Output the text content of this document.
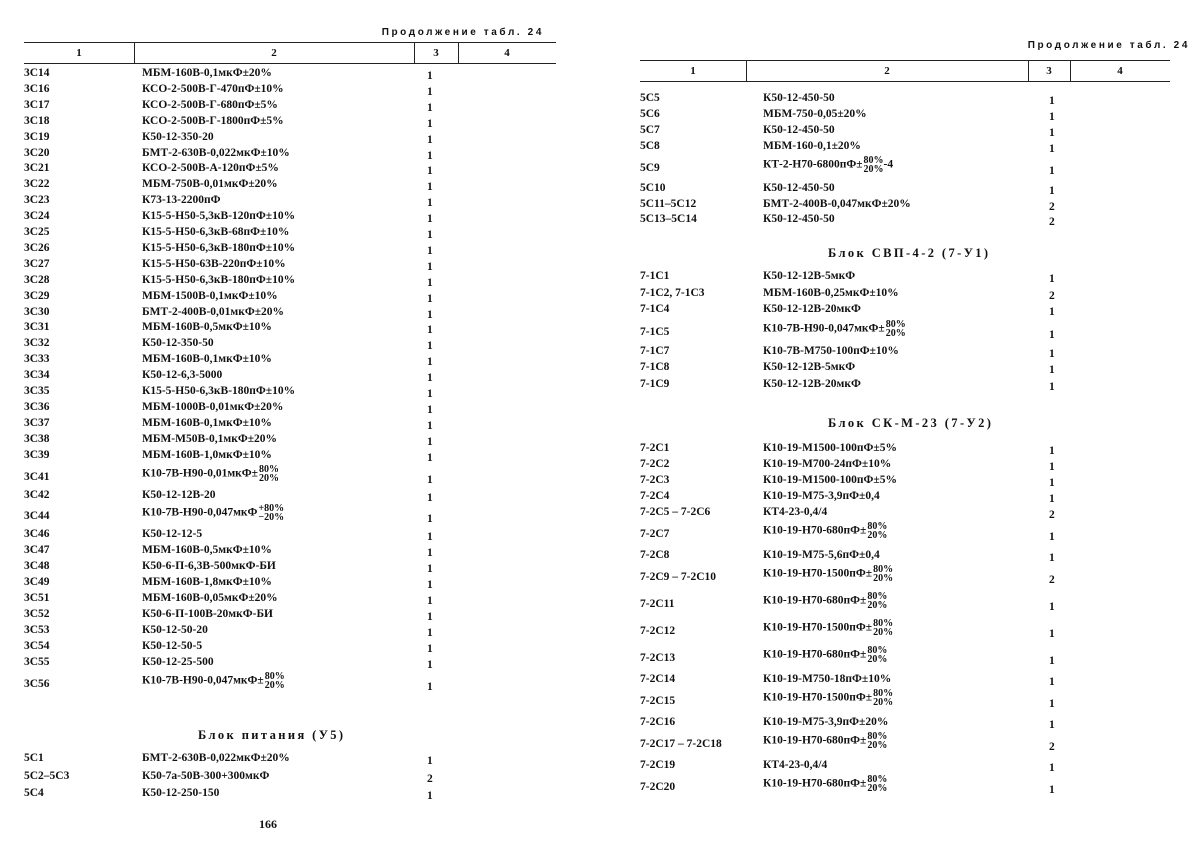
Продолжение табл. 24
1	2	3	4
3С14	МБМ-160В-0,1мкФ±20%	1
3С16	КСО-2-500В-Г-470пФ±10%	1
3С17	КСО-2-500В-Г-680пФ±5%	1
3С18	КСО-2-500В-Г-1800пФ±5%	1
3С19	К50-12-350-20	1
3С20	БМТ-2-630В-0,022мкФ±10%	1
3С21	КСО-2-500В-А-120пФ±5%	1
3С22	МБМ-750В-0,01мкФ±20%	1
3С23	К73-13-2200пФ	1
3С24	К15-5-Н50-5,3кВ-120пФ±10%	1
3С25	К15-5-Н50-6,3кВ-68пФ±10%	1
3С26	К15-5-Н50-6,3кВ-180пФ±10%	1
3С27	К15-5-Н50-63В-220пФ±10%	1
3С28	К15-5-Н50-6,3кВ-180пФ±10%	1
3С29	МБМ-1500В-0,1мкФ±10%	1
3С30	БМТ-2-400В-0,01мкФ±20%	1
3С31	МБМ-160В-0,5мкФ±10%	1
3С32	К50-12-350-50	1
3С33	МБМ-160В-0,1мкФ±10%	1
3С34	К50-12-6,3-5000	1
3С35	К15-5-Н50-6,3кВ-180пФ±10%	1
3С36	МБМ-1000В-0,01мкФ±20%	1
3С37	МБМ-160В-0,1мкФ±10%	1
3С38	МБМ-М50В-0,1мкФ±20%	1
3С39	МБМ-160В-1,0мкФ±10%	1
3С41	К10-7В-Н90-0,01мкФ± 80%
20%	1
3С42	К50-12-12В-20	1
3С44	К10-7В-Н90-0,047мкФ +80%
−20%	1
3С46	К50-12-12-5	1
3С47	МБМ-160В-0,5мкФ±10%	1
3С48	К50-6-П-6,3В-500мкФ-БИ	1
3С49	МБМ-160В-1,8мкФ±10%	1
3С51	МБМ-160В-0,05мкФ±20%	1
3С52	К50-6-П-100В-20мкФ-БИ	1
3С53	К50-12-50-20	1
3С54	К50-12-50-5	1
3С55	К50-12-25-500	1
3С56	К10-7В-Н90-0,047мкФ± 80%
20%	1
Блок питания (У5)
5С1	БМТ-2-630В-0,022мкФ±20%	1
5С2–5С3	К50-7а-50В-300+300мкФ	2
5С4	К50-12-250-150	1
166
Продолжение табл. 24
1	2	3	4
5С5	К50-12-450-50	1
5С6	МБМ-750-0,05±20%	1
5С7	К50-12-450-50	1
5С8	МБМ-160-0,1±20%	1
5С9	КТ-2-Н70-6800пФ± 80%
20% -4
1
5С10	К50-12-450-50	1
5С11–5С12	БМТ-2-400В-0,047мкФ±20%	2
5С13–5С14	К50-12-450-50	2
Блок СВП-4-2 (7-У1)
7-1С1	К50-12-12В-5мкФ	1
7-1С2, 7-1С3	МБМ-160В-0,25мкФ±10%	2
7-1С4	К50-12-12В-20мкФ	1
7-1С5	К10-7В-Н90-0,047мкФ± 80%
20%	1
7-1С7	К10-7В-М750-100пФ±10%	1
7-1С8	К50-12-12В-5мкФ	1
7-1С9	К50-12-12В-20мкФ	1
Блок СК-М-23 (7-У2)
7-2С1	К10-19-М1500-100пФ±5%	1
7-2С2	К10-19-М700-24пФ±10%	1
7-2С3	К10-19-М1500-100пФ±5%	1
7-2С4	К10-19-М75-3,9пФ±0,4	1
7-2С5 – 7-2С6	КТ4-23-0,4/4	2
7-2С7	К10-19-Н70-680пФ± 80%
20%	1
7-2С8	К10-19-М75-5,6пФ±0,4	1
7-2С9 – 7-2С10	К10-19-Н70-1500пФ± 80%
20%	2
7-2С11	К10-19-Н70-680пФ± 80%
20%	1
7-2С12	К10-19-Н70-1500пФ± 80%
20%	1
7-2С13	К10-19-Н70-680пФ± 80%
20%	1
7-2С14	К10-19-М750-18пФ±10%	1
7-2С15	К10-19-Н70-1500пФ± 80%
20%	1
7-2С16	К10-19-М75-3,9пФ±20%	1
7-2С17 – 7-2С18	К10-19-Н70-680пФ± 80%
20%	2
7-2С19	КТ4-23-0,4/4	1
7-2С20	К10-19-Н70-680пФ± 80%
20%	1
